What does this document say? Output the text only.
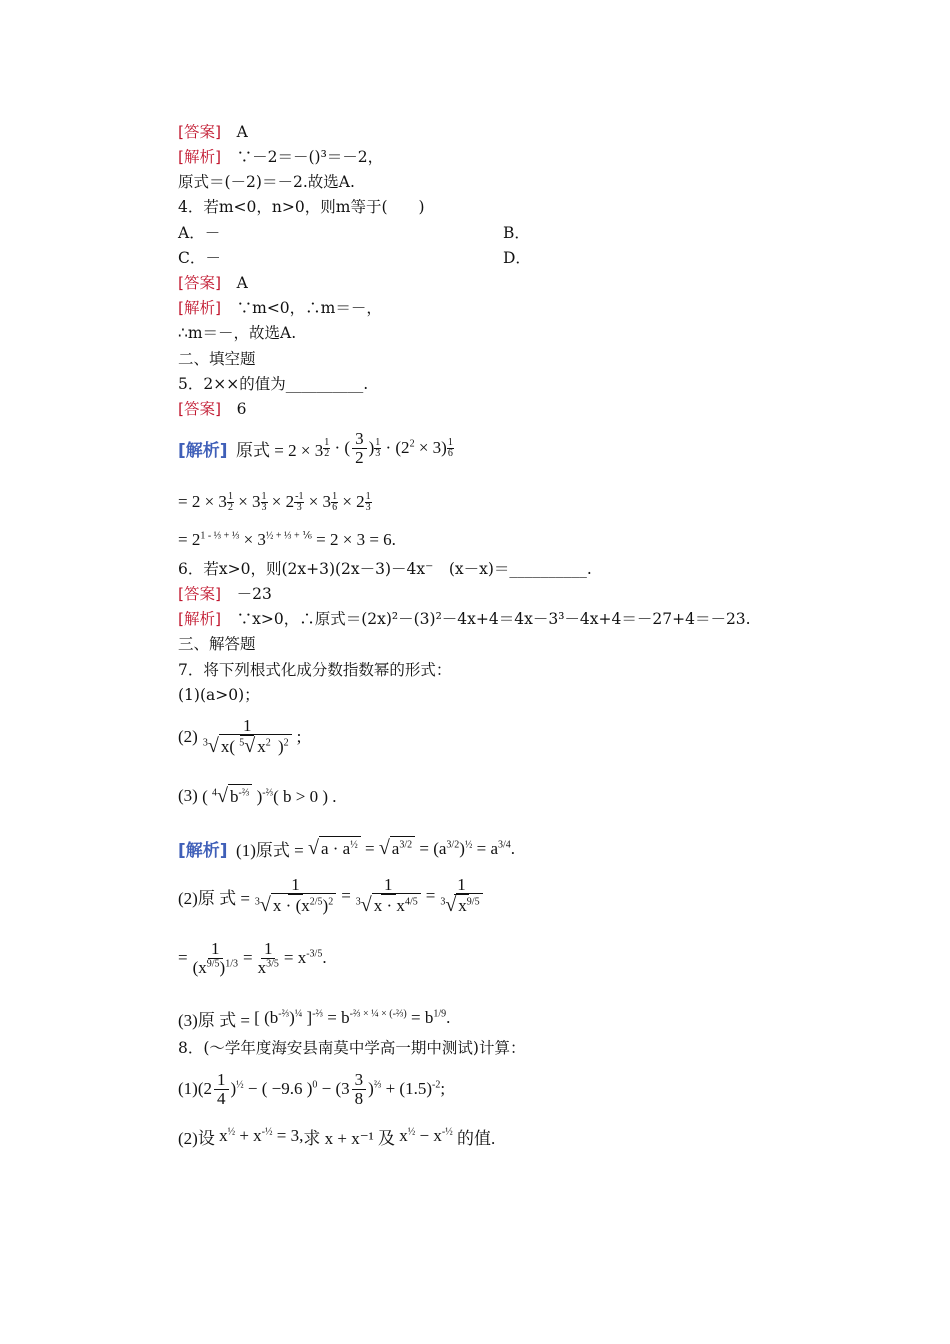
[答案]　 A
[解析]　 ∵－2＝－()³＝－2，
原式＝(－2)＝－2.故选A.
4．若m<0，n>0，则m等于(　　)
A．－	B．
C．－	D．
[答案]　 A
[解析]　 ∵m<0，∴m＝－，
∴m＝－，故选A.
二、填空题
5．2××的值为__________.
[答案]　 6
[解析]
原式 = 2 × 3 1
2 · ( $\frac{3}{2}$ ) 1
$3 \cdot (2^2 \times 3)$ 1
6
= $2 \times 3 \frac{1}{2} \times 3 \frac{1}{3} \times 2 \frac{-1}{3} \times 3 \frac{1}{6} \times 2$ 1
3
= $2^{1 - \frac{1}{3} + \frac{1}{3}} \times 3^{\frac{1}{2} + \frac{1}{3} + \frac{1}{6}} = 2 \times 3 = 6$.
6．若x>0，则(2x+3)(2x－3)－4x⁻　(x－x)＝__________.
[答案]　 －23
[解析]　 ∵x>0，∴原式＝(2x)²－(3)²－4x+4＝4x－3³－4x+4＝－27+4＝－23.
三、解答题
7．将下列根式化成分数指数幂的形式：
(1)(a>0)；
$(2) \frac{1}{^3√ x( ^5√ x^2 )^2}$ ;
(3) ( $^4$√ $b^{-\frac{2}{3}}$ )$^{-\frac{2}{3}}$( b > 0 ) .
[解析]
(1)原式 = √ $a \cdot a^{\frac{1}{2}}$ = √ $a^{3/2} = (a^{3/2})^{\frac{1}{2}} = a^{3/4}$.
(2)原 式 = $\frac{1}{^3√ x \cdot (x^{2/5})^2} = \frac{1}{^3√ x \cdot x^{4/5}} = \frac{1}{^3√ x^{9/5}}$
= $\frac{1}{(x^{9/5})^{1/3}} = \frac{1}{x^{3/5}} = x^{-3/5}$.
(3)原 式 = [ $(b^{-\frac{2}{3}})^{\frac{1}{4}}$ ]$^{-\frac{2}{3}} = b^{-\frac{2}{3} \times \frac{1}{4} \times (-\frac{2}{3})} = b^{1/9}$.
8．(～学年度海安县南莫中学高一期中测试)计算：
(1) $(2 \frac{1}{4} )^{\frac{1}{2}}$ − ( −9.6 )$^0 - (3 \frac{3}{8} )^{\frac{2}{3}} + (1.5)^{-2}$;
(2)设 $x^{\frac{1}{2}} + x^{-\frac{1}{2}} = 3$, 求 x + x⁻¹ 及 $x^{\frac{1}{2}} - x^{-\frac{1}{2}}$ 的值.
